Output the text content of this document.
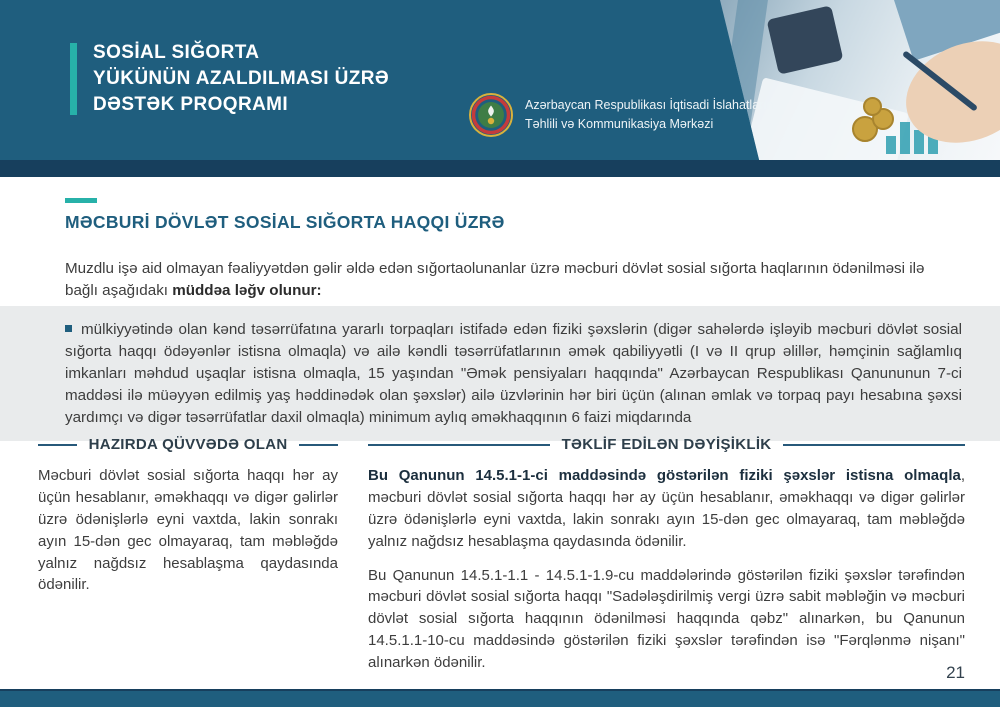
SOSİAL SIĞORTA
YÜKÜNÜN AZALDILMASI ÜZRƏ
DƏSTƏK PROQRAMI	Azərbaycan Respublikası İqtisadi İslahatların
Təhlili və Kommunikasiya Mərkəzi
MƏCBURİ DÖVLƏT SOSİAL SIĞORTA HAQQI ÜZRƏ

Muzdlu işə aid olmayan fəaliyyətdən gəlir əldə edən sığortaolunanlar üzrə məcburi dövlət sosial sığorta haqlarının ödənilməsi ilə bağlı aşağıdakı müddəa ləğv olunur:

mülkiyyətində olan kənd təsərrüfatına yararlı torpaqları istifadə edən fiziki şəxslərin (digər sahələrdə işləyib məcburi dövlət sosial sığorta haqqı ödəyənlər istisna olmaqla) və ailə kəndli təsərrüfatlarının əmək qabiliyyətli (I və II qrup əlillər, həmçinin sağlamlıq imkanları məhdud uşaqlar istisna olmaqla, 15 yaşından "Əmək pensiyaları haqqında" Azərbaycan Respublikası Qanununun 7-ci maddəsi ilə müəyyən edilmiş yaş həddinədək olan şəxslər) ailə üzvlərinin hər biri üçün (alınan əmlak və torpaq payı hesabına şəxsi yardımçı və digər təsərrüfatlar daxil olmaqla) minimum aylıq əməkhaqqının 6 faizi miqdarında

HAZIRDA QÜVVƏDƏ OLAN

Məcburi dövlət sosial sığorta haqqı hər ay üçün hesablanır, əməkhaqqı və digər gəlirlər üzrə ödənişlərlə eyni vaxtda, lakin sonrakı ayın 15-dən gec olmayaraq, tam məbləğdə yalnız nağdsız hesablaşma qaydasında ödənilir.

TƏKLİF EDİLƏN DƏYİŞİKLİK

Bu Qanunun 14.5.1-1-ci maddəsində göstərilən fiziki şəxslər istisna olmaqla, məcburi dövlət sosial sığorta haqqı hər ay üçün hesablanır, əməkhaqqı və digər gəlirlər üzrə ödənişlərlə eyni vaxtda, lakin sonrakı ayın 15-dən gec olmayaraq, tam məbləğdə yalnız nağdsız hesablaşma qaydasında ödənilir.

Bu Qanunun 14.5.1-1.1 - 14.5.1-1.9-cu maddələrində göstərilən fiziki şəxslər tərəfindən məcburi dövlət sosial sığorta haqqı "Sadələşdirilmiş vergi üzrə sabit məbləğin və məcburi dövlət sosial sığorta haqqının ödənilməsi haqqında qəbz" alınarkən, bu Qanunun 14.5.1.1-10-cu maddəsində göstərilən fiziki şəxslər tərəfindən isə "Fərqlənmə nişanı" alınarkən ödənilir.

21
